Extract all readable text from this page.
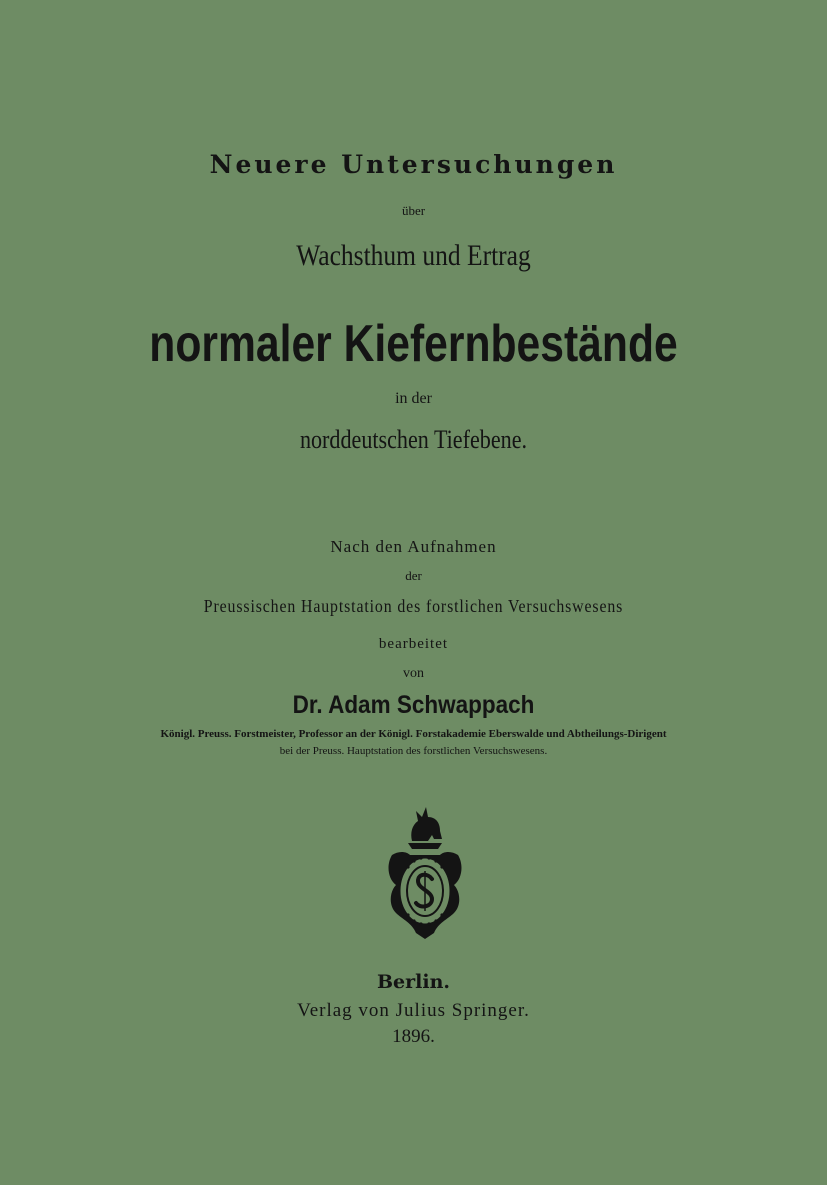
Neuere Untersuchungen
über
Wachsthum und Ertrag
normaler Kiefernbestände
in der
norddeutschen Tiefebene.
Nach den Aufnahmen
der
Preussischen Hauptstation des forstlichen Versuchswesens
bearbeitet
von
Dr. Adam Schwappach
Königl. Preuss. Forstmeister, Professor an der Königl. Forstakademie Eberswalde und Abtheilungs-Dirigent
bei der Preuss. Hauptstation des forstlichen Versuchswesens.
Berlin.
Verlag von Julius Springer.
1896.
